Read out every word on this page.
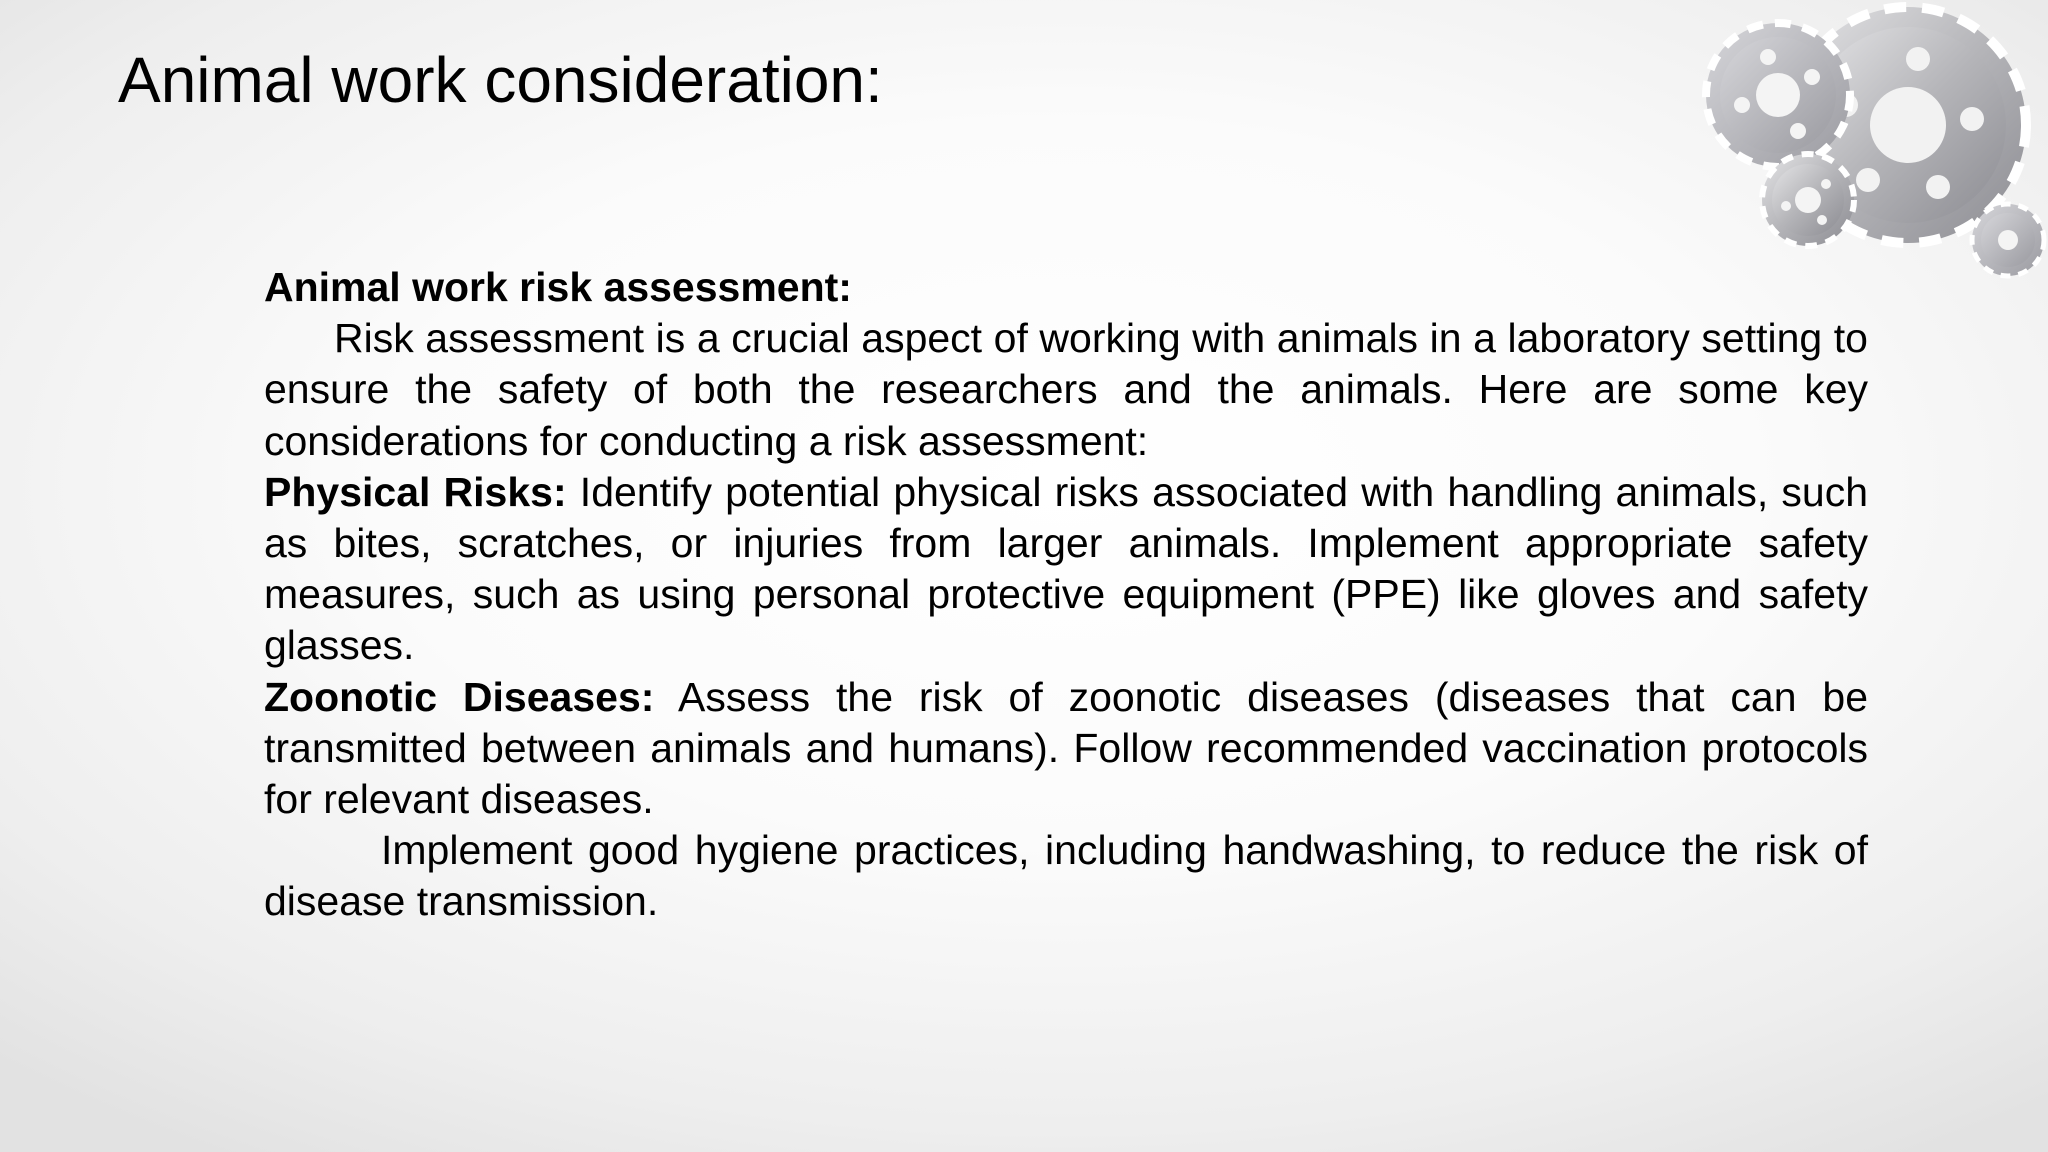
Animal work consideration:

Animal work risk assessment:

Risk assessment is a crucial aspect of working with animals in a laboratory setting to ensure the safety of both the researchers and the animals. Here are some key considerations for conducting a risk assessment:

Physical Risks: Identify potential physical risks associated with handling animals, such as bites, scratches, or injuries from larger animals. Implement appropriate safety measures, such as using personal protective equipment (PPE) like gloves and safety glasses.

Zoonotic Diseases: Assess the risk of zoonotic diseases (diseases that can be transmitted between animals and humans). Follow recommended vaccination protocols for relevant diseases.

Implement good hygiene practices, including handwashing, to reduce the risk of disease transmission.
